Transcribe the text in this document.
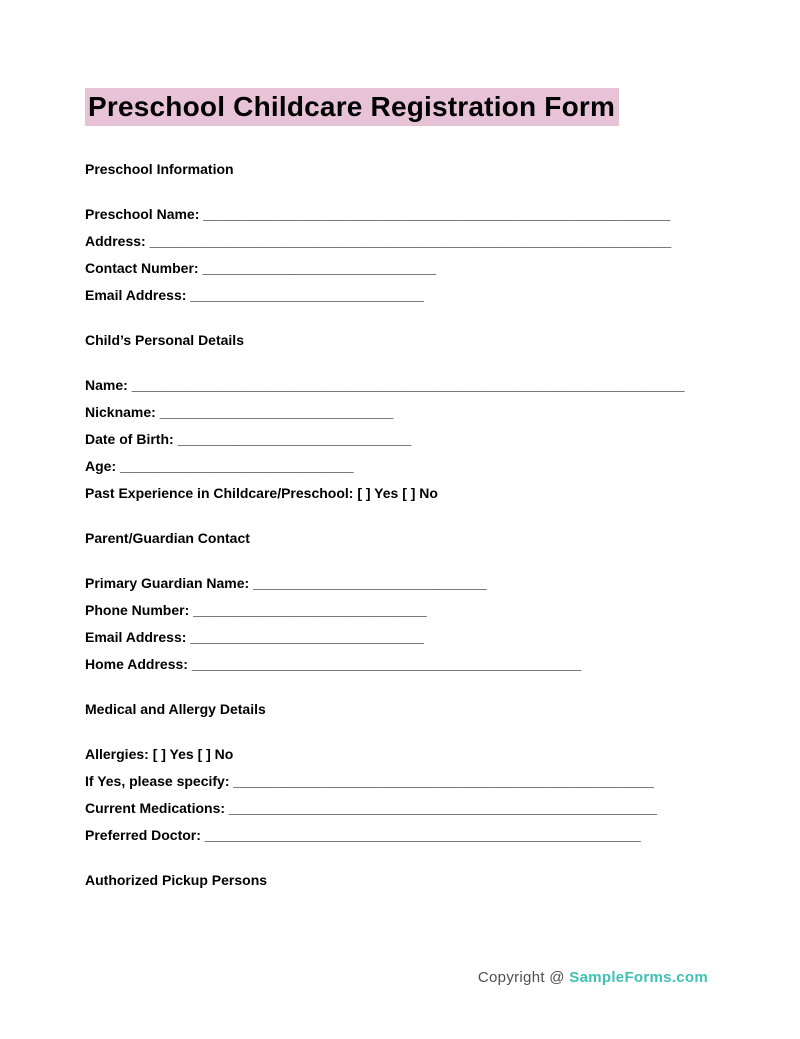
Preschool Childcare Registration Form

Preschool Information

Preschool Name: ____________________________________________________________

Address: ___________________________________________________________________

Contact Number: ______________________________

Email Address: ______________________________

Child’s Personal Details

Name: _______________________________________________________________________

Nickname: ______________________________

Date of Birth: ______________________________

Age: ______________________________

Past Experience in Childcare/Preschool: [ ] Yes [ ] No

Parent/Guardian Contact

Primary Guardian Name: ______________________________

Phone Number: ______________________________

Email Address: ______________________________

Home Address: __________________________________________________

Medical and Allergy Details

Allergies: [ ] Yes [ ] No

If Yes, please specify: ______________________________________________________

Current Medications: _______________________________________________________

Preferred Doctor: ________________________________________________________

Authorized Pickup Persons

Copyright @ SampleForms.com
